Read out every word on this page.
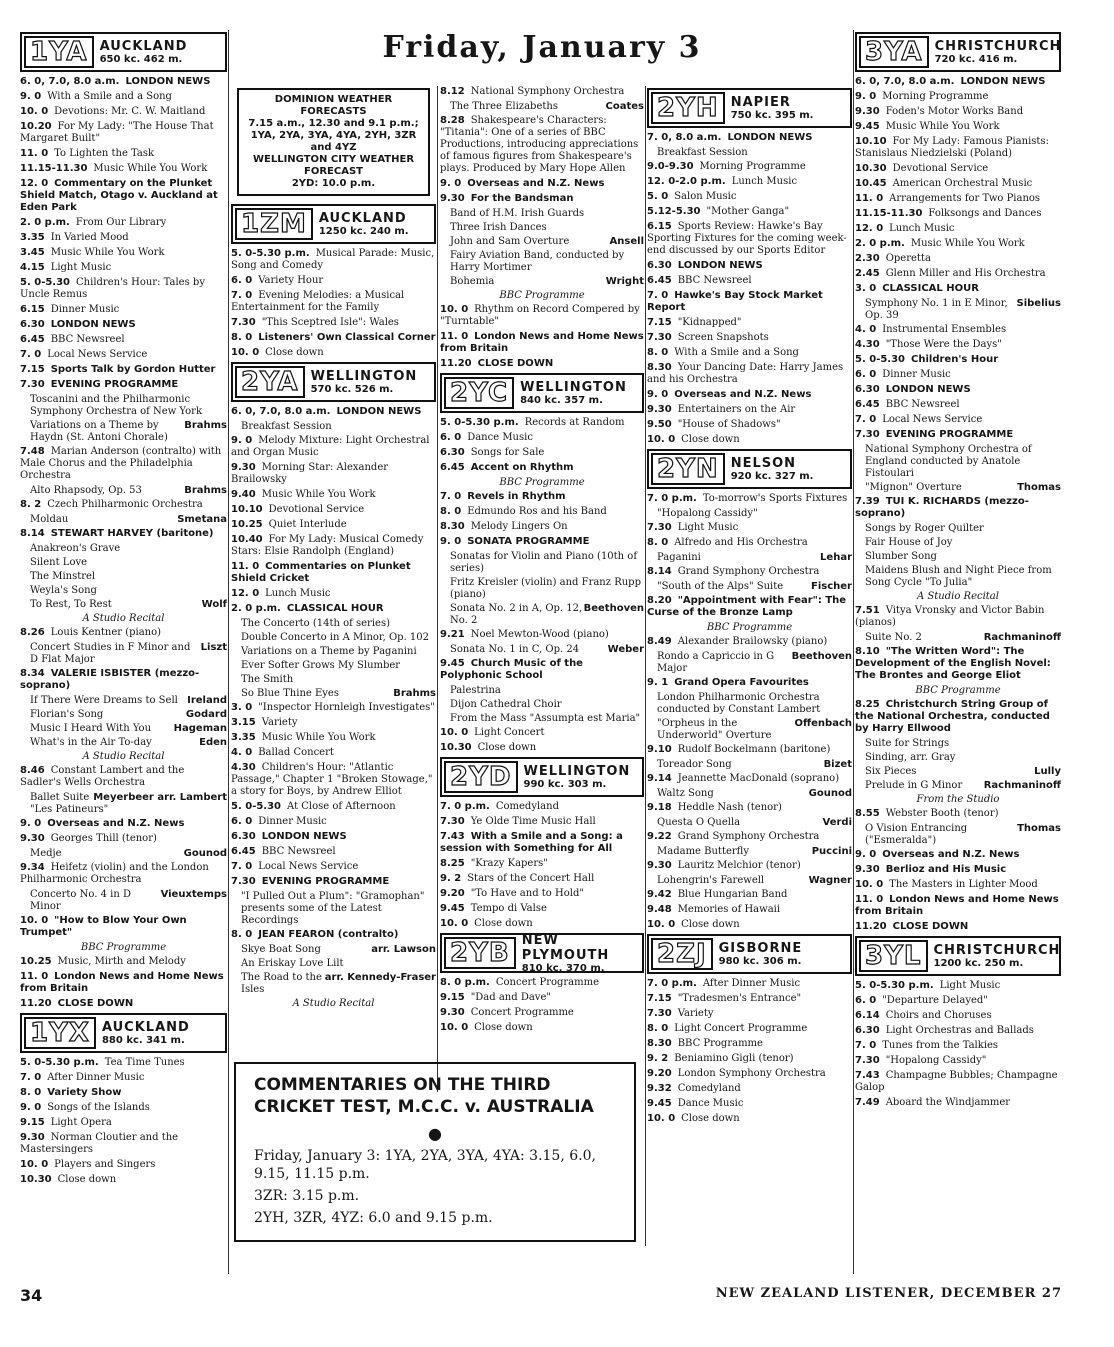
Friday, January 3
1YA AUCKLAND
650 kc. 462 m.
6. 0, 7.0, 8.0 a.m. LONDON NEWS
9. 0 With a Smile and a Song
10. 0 Devotions: Mr. C. W. Maitland
10.20 For My Lady: "The House That Margaret Built"
11. 0 To Lighten the Task
11.15-11.30 Music While You Work
12. 0 Commentary on the Plunket Shield Match, Otago v. Auckland at Eden Park
2. 0 p.m. From Our Library
3.35 In Varied Mood
3.45 Music While You Work
4.15 Light Music
5. 0-5.30 Children's Hour: Tales by Uncle Remus
6.15 Dinner Music
6.30 LONDON NEWS
6.45 BBC Newsreel
7. 0 Local News Service
7.15 Sports Talk by Gordon Hutter
7.30 EVENING PROGRAMME
Toscanini and the Philharmonic Symphony Orchestra of New York
Brahms
Variations on a Theme by Haydn (St. Antoni Chorale)
7.48 Marian Anderson (contralto) with Male Chorus and the Philadelphia Orchestra
Brahms
Alto Rhapsody, Op. 53
8. 2 Czech Philharmonic Orchestra
Smetana
Moldau
8.14 STEWART HARVEY (baritone)
Anakreon's Grave
Silent Love
The Minstrel
Weyla's Song
Wolf
To Rest, To Rest
A Studio Recital
8.26 Louis Kentner (piano)
Liszt
Concert Studies in F Minor and D Flat Major
8.34 VALERIE ISBISTER (mezzo-soprano)
Ireland
If There Were Dreams to Sell
Godard
Florian's Song
Hageman
Music I Heard With You
Eden
What's in the Air To-day
A Studio Recital
8.46 Constant Lambert and the Sadler's Wells Orchestra
Meyerbeer arr. Lambert
Ballet Suite "Les Patineurs"
9. 0 Overseas and N.Z. News
9.30 Georges Thill (tenor)
Gounod
Medje
9.34 Heifetz (violin) and the London Philharmonic Orchestra
Vieuxtemps
Concerto No. 4 in D Minor
10. 0 "How to Blow Your Own Trumpet"
BBC Programme
10.25 Music, Mirth and Melody
11. 0 London News and Home News from Britain
11.20 CLOSE DOWN
1YX AUCKLAND
880 kc. 341 m.
5. 0-5.30 p.m. Tea Time Tunes
7. 0 After Dinner Music
8. 0 Variety Show
9. 0 Songs of the Islands
9.15 Light Opera
9.30 Norman Cloutier and the Mastersingers
10. 0 Players and Singers
10.30 Close down
DOMINION WEATHER FORECASTS
7.15 a.m., 12.30 and 9.1 p.m.; 1YA, 2YA, 3YA, 4YA, 2YH, 3ZR and 4YZ
WELLINGTON CITY WEATHER FORECAST
2YD: 10.0 p.m.
1ZM AUCKLAND
1250 kc. 240 m.
5. 0-5.30 p.m. Musical Parade: Music, Song and Comedy
6. 0 Variety Hour
7. 0 Evening Melodies: a Musical Entertainment for the Family
7.30 "This Sceptred Isle": Wales
8. 0 Listeners' Own Classical Corner
10. 0 Close down
2YA WELLINGTON
570 kc. 526 m.
6. 0, 7.0, 8.0 a.m. LONDON NEWS
Breakfast Session
9. 0 Melody Mixture: Light Orchestral and Organ Music
9.30 Morning Star: Alexander Brailowsky
9.40 Music While You Work
10.10 Devotional Service
10.25 Quiet Interlude
10.40 For My Lady: Musical Comedy Stars: Elsie Randolph (England)
11. 0 Commentaries on Plunket Shield Cricket
12. 0 Lunch Music
2. 0 p.m. CLASSICAL HOUR
The Concerto (14th of series)
Double Concerto in A Minor, Op. 102
Variations on a Theme by Paganini
Ever Softer Grows My Slumber
The Smith
Brahms
So Blue Thine Eyes
3. 0 "Inspector Hornleigh Investigates"
3.15 Variety
3.35 Music While You Work
4. 0 Ballad Concert
4.30 Children's Hour: "Atlantic Passage," Chapter 1 "Broken Stowage," a story for Boys, by Andrew Elliot
5. 0-5.30 At Close of Afternoon
6. 0 Dinner Music
6.30 LONDON NEWS
6.45 BBC Newsreel
7. 0 Local News Service
7.30 EVENING PROGRAMME
"I Pulled Out a Plum": "Gramophan" presents some of the Latest Recordings
8. 0 JEAN FEARON (contralto)
arr. Lawson
Skye Boat Song
An Eriskay Love Lilt
arr. Kennedy-Fraser
The Road to the Isles
A Studio Recital
8.12 National Symphony Orchestra
Coates
The Three Elizabeths
8.28 Shakespeare's Characters: "Titania": One of a series of BBC Productions, introducing appreciations of famous figures from Shakespeare's plays. Produced by Mary Hope Allen
9. 0 Overseas and N.Z. News
9.30 For the Bandsman
Band of H.M. Irish Guards
Three Irish Dances
Ansell
John and Sam Overture
Fairy Aviation Band, conducted by Harry Mortimer
Wright
Bohemia
BBC Programme
10. 0 Rhythm on Record Compered by "Turntable"
11. 0 London News and Home News from Britain
11.20 CLOSE DOWN
2YC WELLINGTON
840 kc. 357 m.
5. 0-5.30 p.m. Records at Random
6. 0 Dance Music
6.30 Songs for Sale
6.45 Accent on Rhythm
BBC Programme
7. 0 Revels in Rhythm
8. 0 Edmundo Ros and his Band
8.30 Melody Lingers On
9. 0 SONATA PROGRAMME
Sonatas for Violin and Piano (10th of series)
Fritz Kreisler (violin) and Franz Rupp (piano)
Beethoven
Sonata No. 2 in A, Op. 12, No. 2
9.21 Noel Mewton-Wood (piano)
Weber
Sonata No. 1 in C, Op. 24
9.45 Church Music of the Polyphonic School
Palestrina
Dijon Cathedral Choir
From the Mass "Assumpta est Maria"
10. 0 Light Concert
10.30 Close down
2YD WELLINGTON
990 kc. 303 m.
7. 0 p.m. Comedyland
7.30 Ye Olde Time Music Hall
7.43 With a Smile and a Song: a session with Something for All
8.25 "Krazy Kapers"
9. 2 Stars of the Concert Hall
9.20 "To Have and to Hold"
9.45 Tempo di Valse
10. 0 Close down
2YB NEW PLYMOUTH
810 kc. 370 m.
8. 0 p.m. Concert Programme
9.15 "Dad and Dave"
9.30 Concert Programme
10. 0 Close down
2YH NAPIER
750 kc. 395 m.
7. 0, 8.0 a.m. LONDON NEWS
Breakfast Session
9.0-9.30 Morning Programme
12. 0-2.0 p.m. Lunch Music
5. 0 Salon Music
5.12-5.30 "Mother Ganga"
6.15 Sports Review: Hawke's Bay Sporting Fixtures for the coming week-end discussed by our Sports Editor
6.30 LONDON NEWS
6.45 BBC Newsreel
7. 0 Hawke's Bay Stock Market Report
7.15 "Kidnapped"
7.30 Screen Snapshots
8. 0 With a Smile and a Song
8.30 Your Dancing Date: Harry James and his Orchestra
9. 0 Overseas and N.Z. News
9.30 Entertainers on the Air
9.50 "House of Shadows"
10. 0 Close down
2YN NELSON
920 kc. 327 m.
7. 0 p.m. To-morrow's Sports Fixtures
"Hopalong Cassidy"
7.30 Light Music
8. 0 Alfredo and His Orchestra
Lehar
Paganini
8.14 Grand Symphony Orchestra
Fischer
"South of the Alps" Suite
8.20 "Appointment with Fear": The Curse of the Bronze Lamp
BBC Programme
8.49 Alexander Brailowsky (piano)
Beethoven
Rondo a Capriccio in G Major
9. 1 Grand Opera Favourites
London Philharmonic Orchestra conducted by Constant Lambert
Offenbach
"Orpheus in the Underworld" Overture
9.10 Rudolf Bockelmann (baritone)
Bizet
Toreador Song
9.14 Jeannette MacDonald (soprano)
Gounod
Waltz Song
9.18 Heddle Nash (tenor)
Verdi
Questa O Quella
9.22 Grand Symphony Orchestra
Puccini
Madame Butterfly
9.30 Lauritz Melchior (tenor)
Wagner
Lohengrin's Farewell
9.42 Blue Hungarian Band
9.48 Memories of Hawaii
10. 0 Close down
2ZJ GISBORNE
980 kc. 306 m.
7. 0 p.m. After Dinner Music
7.15 "Tradesmen's Entrance"
7.30 Variety
8. 0 Light Concert Programme
8.30 BBC Programme
9. 2 Beniamino Gigli (tenor)
9.20 London Symphony Orchestra
9.32 Comedyland
9.45 Dance Music
10. 0 Close down
3YA CHRISTCHURCH
720 kc. 416 m.
6. 0, 7.0, 8.0 a.m. LONDON NEWS
9. 0 Morning Programme
9.30 Foden's Motor Works Band
9.45 Music While You Work
10.10 For My Lady: Famous Pianists: Stanislaus Niedzielski (Poland)
10.30 Devotional Service
10.45 American Orchestral Music
11. 0 Arrangements for Two Pianos
11.15-11.30 Folksongs and Dances
12. 0 Lunch Music
2. 0 p.m. Music While You Work
2.30 Operetta
2.45 Glenn Miller and His Orchestra
3. 0 CLASSICAL HOUR
Sibelius
Symphony No. 1 in E Minor, Op. 39
4. 0 Instrumental Ensembles
4.30 "Those Were the Days"
5. 0-5.30 Children's Hour
6. 0 Dinner Music
6.30 LONDON NEWS
6.45 BBC Newsreel
7. 0 Local News Service
7.30 EVENING PROGRAMME
National Symphony Orchestra of England conducted by Anatole Fistoulari
Thomas
"Mignon" Overture
7.39 TUI K. RICHARDS (mezzo-soprano)
Songs by Roger Quilter
Fair House of Joy
Slumber Song
Maidens Blush and Night Piece from Song Cycle "To Julia"
A Studio Recital
7.51 Vitya Vronsky and Victor Babin (pianos)
Rachmaninoff
Suite No. 2
8.10 "The Written Word": The Development of the English Novel: The Brontes and George Eliot
BBC Programme
8.25 Christchurch String Group of the National Orchestra, conducted by Harry Ellwood
Suite for Strings
Sinding, arr. Gray
Lully
Six Pieces
Rachmaninoff
Prelude in G Minor
From the Studio
8.55 Webster Booth (tenor)
Thomas
O Vision Entrancing ("Esmeralda")
9. 0 Overseas and N.Z. News
9.30 Berlioz and His Music
10. 0 The Masters in Lighter Mood
11. 0 London News and Home News from Britain
11.20 CLOSE DOWN
3YL CHRISTCHURCH
1200 kc. 250 m.
5. 0-5.30 p.m. Light Music
6. 0 "Departure Delayed"
6.14 Choirs and Choruses
6.30 Light Orchestras and Ballads
7. 0 Tunes from the Talkies
7.30 "Hopalong Cassidy"
7.43 Champagne Bubbles; Champagne Galop
7.49 Aboard the Windjammer
COMMENTARIES ON THE THIRD CRICKET TEST, M.C.C. v. AUSTRALIA
●

Friday, January 3: 1YA, 2YA, 3YA, 4YA: 3.15, 6.0, 9.15, 11.15 p.m.

3ZR: 3.15 p.m.

2YH, 3ZR, 4YZ: 6.0 and 9.15 p.m.

34	NEW ZEALAND LISTENER, DECEMBER 27
